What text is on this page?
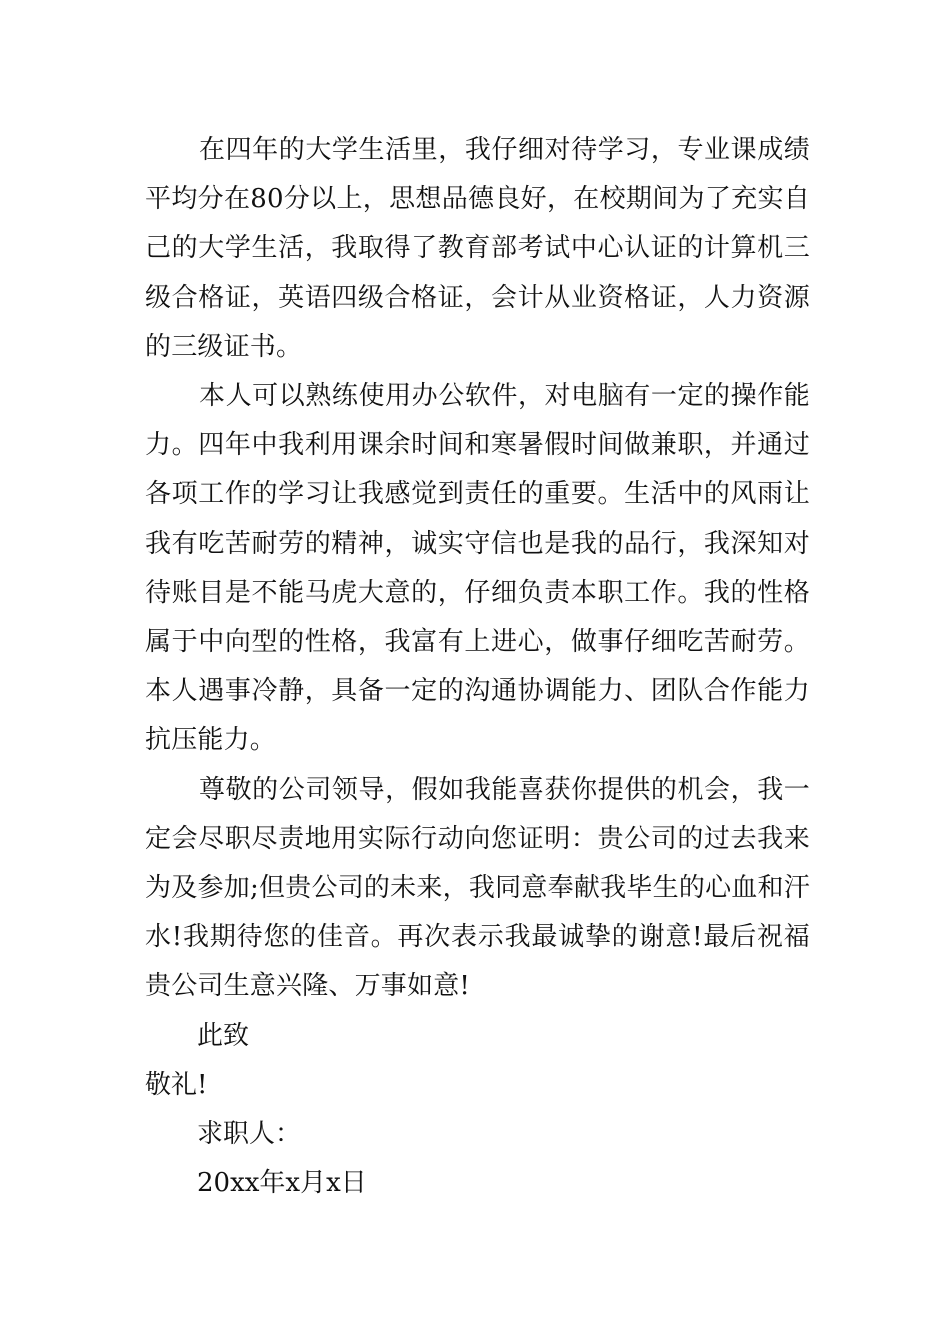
在四年的大学生活里，我仔细对待学习，专业课成绩平均分在80分以上，思想品德良好，在校期间为了充实自己的大学生活，我取得了教育部考试中心认证的计算机三级合格证，英语四级合格证，会计从业资格证，人力资源的三级证书。

本人可以熟练使用办公软件，对电脑有一定的操作能力。四年中我利用课余时间和寒暑假时间做兼职，并通过各项工作的学习让我感觉到责任的重要。生活中的风雨让我有吃苦耐劳的精神，诚实守信也是我的品行，我深知对待账目是不能马虎大意的，仔细负责本职工作。我的性格属于中向型的性格，我富有上进心，做事仔细吃苦耐劳。本人遇事冷静，具备一定的沟通协调能力、团队合作能力抗压能力。

尊敬的公司领导，假如我能喜获你提供的机会，我一定会尽职尽责地用实际行动向您证明：贵公司的过去我来为及参加;但贵公司的未来，我同意奉献我毕生的心血和汗水!我期待您的佳音。再次表示我最诚挚的谢意!最后祝福贵公司生意兴隆、万事如意!

此致

敬礼!

求职人：

20xx年x月x日
